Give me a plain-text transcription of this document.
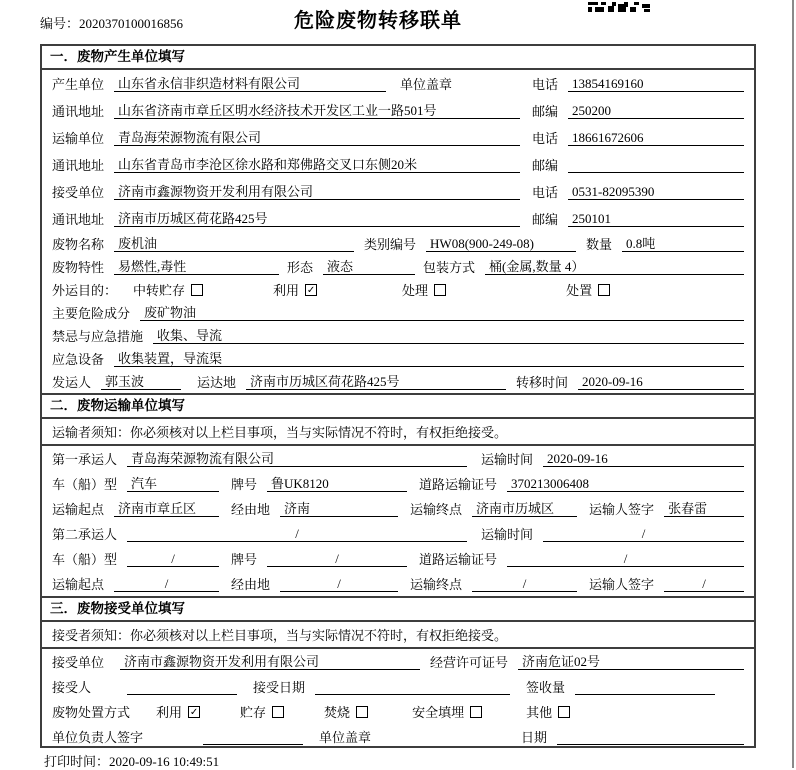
编号：2020370100016856	危险废物转移联单
一．废物产生单位填写
产生单位	山东省永信非织造材料有限公司	单位盖章	电话	13854169160
通讯地址	山东省济南市章丘区明水经济技术开发区工业一路501号	邮编	250200
运输单位	青岛海荣源物流有限公司	电话	18661672606
通讯地址	山东省青岛市李沧区徐水路和郑佛路交叉口东侧20米	邮编
接受单位	济南市鑫源物资开发利用有限公司	电话	0531-82095390
通讯地址	济南市历城区荷花路425号	邮编	250101
废物名称	废机油	类别编号	HW08(900-249-08)	数量	0.8吨
废物特性	易燃性,毒性	形态	液态	包装方式	桶(金属,数量 4）
外运目的： 中转贮存	利用 ✓	处理	处置
主要危险成分	废矿物油
禁忌与应急措施	收集、导流
应急设备	收集装置，导流渠
发运人	郭玉波	运达地	济南市历城区荷花路425号	转移时间	2020-09-16
二．废物运输单位填写
运输者须知：你必须核对以上栏目事项，当与实际情况不符时，有权拒绝接受。
第一承运人	青岛海荣源物流有限公司	运输时间	2020-09-16
车（船）型	汽车	牌号	鲁UK8120	道路运输证号	370213006408
运输起点	济南市章丘区	经由地	济南	运输终点	济南市历城区	运输人签字	张春雷
第二承运人	/	运输时间	/
车（船）型	/	牌号	/	道路运输证号	/
运输起点	/	经由地	/	运输终点	/	运输人签字	/
三．废物接受单位填写
接受者须知：你必须核对以上栏目事项，当与实际情况不符时，有权拒绝接受。
接受单位	济南市鑫源物资开发利用有限公司	经营许可证号	济南危证02号
接受人	接受日期	签收量
废物处置方式 利用 ✓	贮存	焚烧	安全填埋	其他
单位负责人签字	单位盖章	日期
打印时间：2020-09-16 10:49:51
